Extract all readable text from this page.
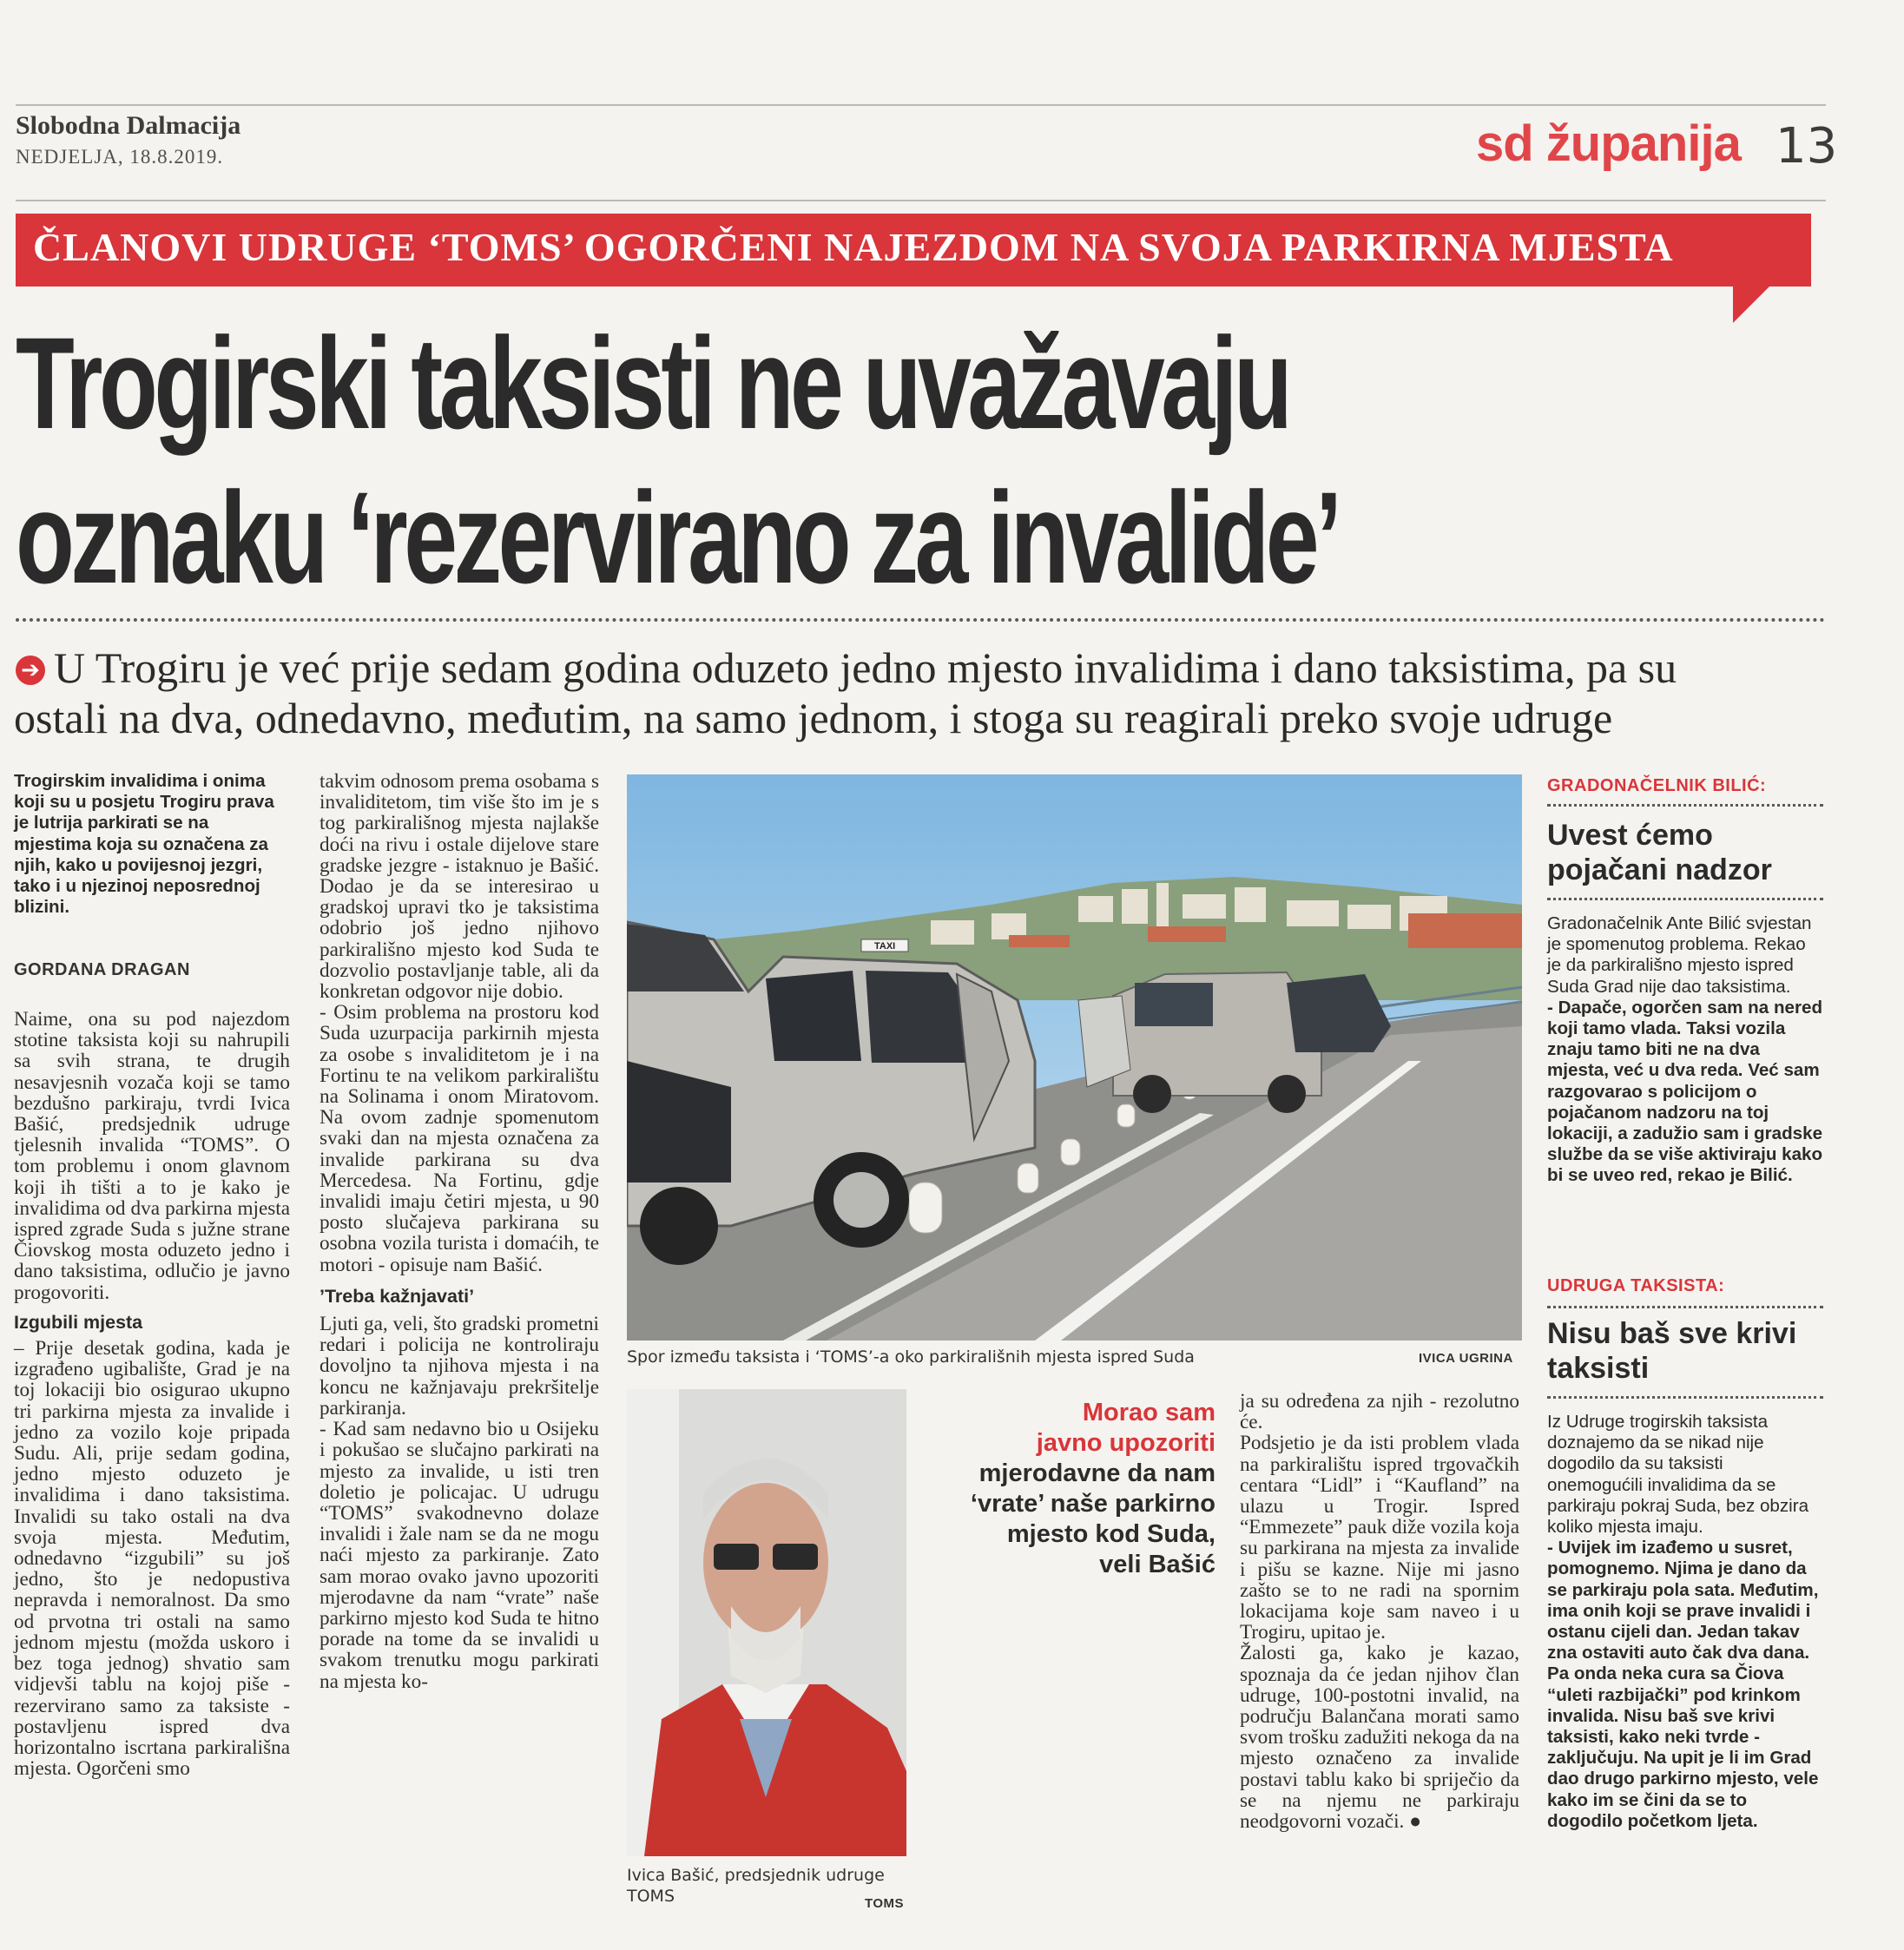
Slobodna Dalmacija
NEDJELJA, 18.8.2019.	sd županija 13
ČLANOVI UDRUGE ‘TOMS’ OGORČENI NAJEZDOM NA SVOJA PARKIRNA MJESTA
Trogirski taksisti ne uvažavaju
oznaku ‘rezervirano za invalide’
➔ U Trogiru je već prije sedam godina oduzeto jedno mjesto invalidima i dano taksistima, pa su
ostali na dva, odnedavno, međutim, na samo jednom, i stoga su reagirali preko svoje udruge
Trogirskim invalidima i onima koji su u posjetu Trogiru prava je lutrija parkirati se na mjestima koja su označena za njih, kako u povijesnoj jezgri, tako i u njezinoj neposrednoj blizini.
GORDANA DRAGAN

Naime, ona su pod najezdom stotine taksista koji su nahrupili sa svih strana, te drugih nesavjesnih vozača koji se tamo bezdušno parkiraju, tvrdi Ivica Bašić, predsjednik udruge tjelesnih invalida “TOMS”. O tom problemu i onom glavnom koji ih tišti a to je kako je invalidima od dva parkirna mjesta ispred zgrade Suda s južne strane Čiovskog mosta oduzeto jedno i dano taksistima, odlučio je javno progovoriti.

Izgubili mjesta

– Prije desetak godina, kada je izgrađeno ugibalište, Grad je na toj lokaciji bio osigurao ukupno tri parkirna mjesta za invalide i jedno za vozilo koje pripada Sudu. Ali, prije sedam godina, jedno mjesto oduzeto je invalidima i dano taksistima. Invalidi su tako ostali na dva svoja mjesta. Međutim, odnedavno “izgubili” su još jedno, što je nedopustiva nepravda i nemoralnost. Da smo od prvotna tri ostali na samo jednom mjestu (možda uskoro i bez toga jednog) shvatio sam vidjevši tablu na kojoj piše - rezervirano samo za taksiste - postavljenu ispred dva horizontalno iscrtana parkirališna mjesta. Ogorčeni smo

takvim odnosom prema osobama s invaliditetom, tim više što im je s tog parkirališnog mjesta najlakše doći na rivu i ostale dijelove stare gradske jezgre - istaknuo je Bašić. Dodao je da se interesirao u gradskoj upravi tko je taksistima odobrio još jedno njihovo parkirališno mjesto kod Suda te dozvolio postavljanje table, ali da konkretan odgovor nije dobio.

- Osim problema na prostoru kod Suda uzurpacija parkirnih mjesta za osobe s invaliditetom je i na Fortinu te na velikom parkiralištu na Solinama i onom Miratovom. Na ovom zadnje spomenutom svaki dan na mjesta označena za invalide parkirana su dva Mercedesa. Na Fortinu, gdje invalidi imaju četiri mjesta, u 90 posto slučajeva parkirana su osobna vozila turista i domaćih, te motori - opisuje nam Bašić.

’Treba kažnjavati’

Ljuti ga, veli, što gradski prometni redari i policija ne kontroliraju dovoljno ta njihova mjesta i na koncu ne kažnjavaju prekršitelje parkiranja.

- Kad sam nedavno bio u Osijeku i pokušao se slučajno parkirati na mjesto za invalide, u isti tren doletio je policajac. U udrugu “TOMS” svakodnevno dolaze invalidi i žale nam se da ne mogu naći mjesto za parkiranje. Zato sam morao ovako javno upozoriti mjerodavne da nam “vrate” naše parkirno mjesto kod Suda te hitno porade na tome da se invalidi u svakom trenutku mogu parkirati na mjesta ko-

TAXI
Spor između taksista i ‘TOMS’-a oko parkirališnih mjesta ispred Suda	IVICA UGRINA
Ivica Bašić, predsjednik udruge TOMS	TOMS
Morao sam
javno upozoriti
mjerodavne da nam
‘vrate’ naše parkirno
mjesto kod Suda,
veli Bašić

ja su određena za njih - rezolutno će.

Podsjetio je da isti problem vlada na parkiralištu ispred trgovačkih centara “Lidl” i “Kaufland” na ulazu u Trogir. Ispred “Emmezete” pauk diže vozila koja su parkirana na mjesta za invalide i pišu se kazne. Nije mi jasno zašto se to ne radi na spornim lokacijama koje sam naveo i u Trogiru, upitao je.

Žalosti ga, kako je kazao, spoznaja da će jedan njihov član udruge, 100-postotni invalid, na području Balančana morati samo svom trošku zadužiti nekoga da na mjesto označeno za invalide postavi tablu kako bi spriječio da se na njemu ne parkiraju neodgovorni vozači. ●

GRADONAČELNIK BILIĆ:
Uvest ćemo pojačani nadzor
Gradonačelnik Ante Bilić svjestan je spomenutog problema. Rekao je da parkirališno mjesto ispred Suda Grad nije dao taksistima.
- Dapače, ogorčen sam na nered koji tamo vlada. Taksi vozila znaju tamo biti ne na dva mjesta, već u dva reda. Već sam razgovarao s policijom o pojačanom nadzoru na toj lokaciji, a zadužio sam i gradske službe da se više aktiviraju kako bi se uveo red, rekao je Bilić.
UDRUGA TAKSISTA:
Nisu baš sve krivi taksisti
Iz Udruge trogirskih taksista doznajemo da se nikad nije dogodilo da su taksisti onemogućili invalidima da se parkiraju pokraj Suda, bez obzira koliko mjesta imaju.
- Uvijek im izađemo u susret, pomognemo. Njima je dano da se parkiraju pola sata. Međutim, ima onih koji se prave invalidi i ostanu cijeli dan. Jedan takav zna ostaviti auto čak dva dana. Pa onda neka cura sa Čiova “uleti razbijački” pod krinkom invalida. Nisu baš sve krivi taksisti, kako neki tvrde - zaključuju. Na upit je li im Grad dao drugo parkirno mjesto, vele kako im se čini da se to dogodilo početkom ljeta.
